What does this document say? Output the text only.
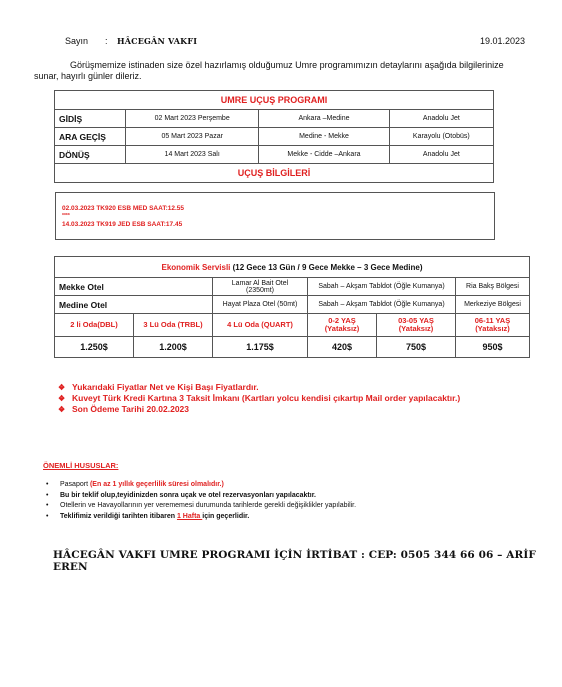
Sayın : HÂCEGÂN VAKFI	19.01.2023
Görüşmemize istinaden size özel hazırlamış olduğumuz Umre programımızın detaylarını aşağıda bilgilerinize sunar, hayırlı günler dileriz.
UMRE UÇUŞ PROGRAMI			
GİDİŞ	02 Mart 2023 Perşembe	Ankara –Medine	Anadolu Jet
ARA GEÇİŞ	05 Mart 2023 Pazar	Medine - Mekke	Karayolu (Otobüs)
DÖNÜŞ	14 Mart 2023 Salı	Mekke - Cidde –Ankara	Anadolu Jet
UÇUŞ BİLGİLERİ			
02.03.2023 TK920 ESB MED SAAT:12.55
****
14.03.2023 TK919 JED ESB SAAT:17.45
Ekonomik Servisli (12 Gece 13 Gün / 9 Gece Mekke – 3 Gece Medine)					
Mekke Otel		Lamar Al Bait Otel (2350mt)	Sabah – Akşam Tabldot (Öğle Kumanya)		Ria Bakş Bölgesi
Medine Otel		Hayat Plaza Otel (50mt)	Sabah – Akşam Tabldot (Öğle Kumanya)		Merkeziye Bölgesi
2 li Oda(DBL)	3 Lü Oda (TRBL)	4 Lü Oda (QUART)	0-2 YAŞ (Yataksız)	03-05 YAŞ (Yataksız)	06-11 YAŞ (Yataksız)
1.250$	1.200$	1.175$	420$	750$	950$
❖ Yukarıdaki Fiyatlar Net ve Kişi Başı Fiyatlardır.
❖ Kuveyt Türk Kredi Kartına 3 Taksit İmkanı (Kartları yolcu kendisi çıkartıp Mail order yapılacaktır.)
❖ Son Ödeme Tarihi 20.02.2023
ÖNEMLİ HUSUSLAR:
• Pasaport (En az 1 yıllık geçerlilik süresi olmalıdır.)
• Bu bir teklif olup,teyidinizden sonra uçak ve otel rezervasyonları yapılacaktır.
• Otellerin ve Havayollarının yer verememesi durumunda tarihlerde gerekli değişiklikler yapılabilir.
• Teklifimiz verildiği tarihten itibaren 1 Hafta için geçerlidir.
HÂCEGÂN VAKFI UMRE PROGRAMI İÇİN İRTİBAT : CEP: 0505 344 66 06 – ARİF EREN
